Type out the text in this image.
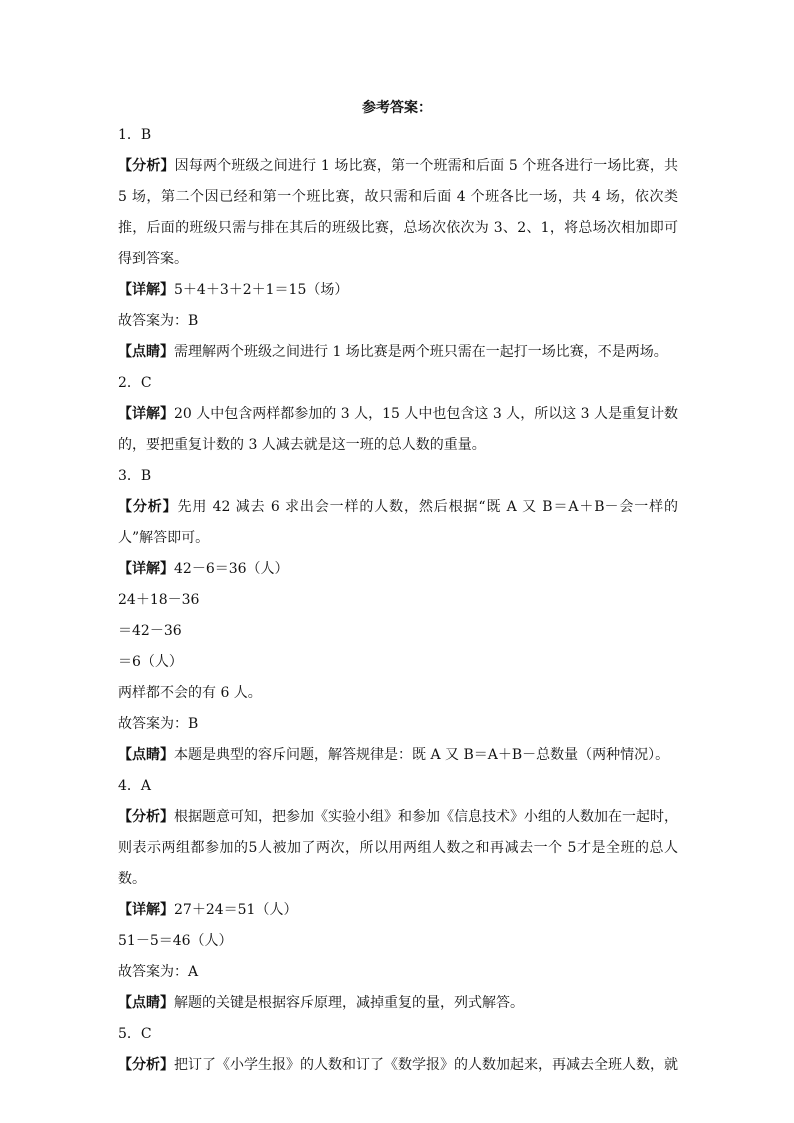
参考答案：
1．B
【分析】因每两个班级之间进行 1 场比赛，第一个班需和后面 5 个班各进行一场比赛，共 5 场，第二个因已经和第一个班比赛，故只需和后面 4 个班各比一场，共 4 场，依次类推，后面的班级只需与排在其后的班级比赛，总场次依次为 3、2、1，将总场次相加即可得到答案。
【详解】5＋4＋3＋2＋1＝15（场）
故答案为：B
【点睛】需理解两个班级之间进行 1 场比赛是两个班只需在一起打一场比赛，不是两场。
2．C
【详解】20 人中包含两样都参加的 3 人，15 人中也包含这 3 人，所以这 3 人是重复计数的，要把重复计数的 3 人减去就是这一班的总人数的重量。
3．B
【分析】先用 42 减去 6 求出会一样的人数，然后根据“既 A 又 B＝A＋B－会一样的人”解答即可。
【详解】42－6＝36（人）
24＋18－36
＝42－36
＝6（人）
两样都不会的有 6 人。
故答案为：B
【点睛】本题是典型的容斥问题，解答规律是：既 A 又 B＝A＋B－总数量（两种情况）。
4．A
【分析】根据题意可知，把参加《实验小组》和参加《信息技术》小组的人数加在一起时，则表示两组都参加的5人被加了两次，所以用两组人数之和再减去一个 5才是全班的总人数。
【详解】27＋24＝51（人）
51－5＝46（人）
故答案为：A
【点睛】解题的关键是根据容斥原理，减掉重复的量，列式解答。
5．C
【分析】把订了《小学生报》的人数和订了《数学报》的人数加起来，再减去全班人数，就
